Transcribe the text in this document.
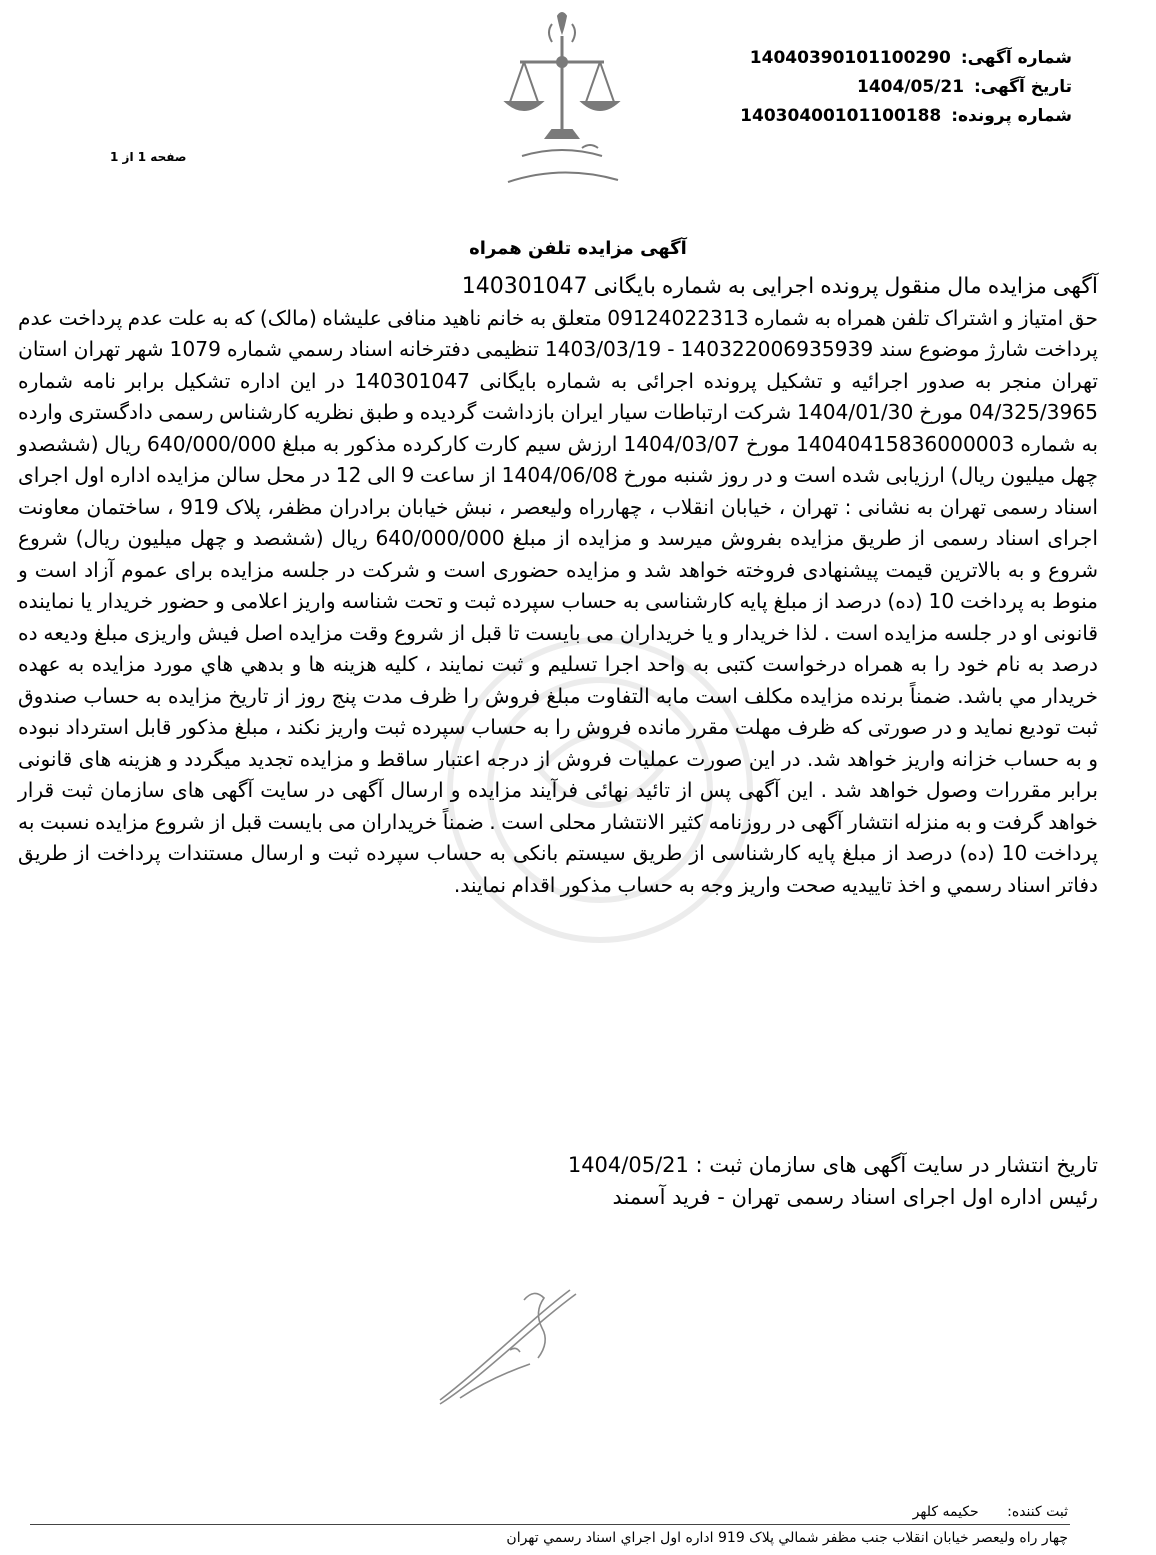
شماره آگهی: 14040390101100290
تاریخ آگهی: 1404/05/21
شماره پرونده: 14030400101100188
صفحه 1 از 1
آگهی مزایده تلفن همراه

آگهی مزایده مال منقول پرونده اجرایی به شماره بایگانی 140301047

حق امتیاز و اشتراک تلفن همراه به شماره 09124022313 متعلق به خانم ناهید منافی علیشاه (مالک) که به علت عدم پرداخت عدم پرداخت شارژ موضوع سند 140322006935939 - 1403/03/19 تنظیمی دفترخانه اسناد رسمي شماره 1079 شهر تهران استان تهران منجر به صدور اجرائیه و تشکیل پرونده اجرائی به شماره بایگانی 140301047 در این اداره تشکیل برابر نامه شماره 04/325/3965 مورخ 1404/01/30 شرکت ارتباطات سیار ایران بازداشت گردیده و طبق نظریه کارشناس رسمی دادگستری وارده به شماره 14040415836000003 مورخ 1404/03/07 ارزش سیم کارت کارکرده مذکور به مبلغ 640/000/000 ریال (ششصدو چهل میلیون ریال) ارزیابی شده است و در روز شنبه مورخ 1404/06/08 از ساعت 9 الی 12 در محل سالن مزایده اداره اول اجرای اسناد رسمی تهران به نشانی : تهران ، خیابان انقلاب ، چهارراه ولیعصر ، نبش خیابان برادران مظفر، پلاک 919 ، ساختمان معاونت اجرای اسناد رسمی از طریق مزایده بفروش میرسد و مزایده از مبلغ 640/000/000 ریال (ششصد و چهل میلیون ریال) شروع شروع و به بالاترین قیمت پیشنهادی فروخته خواهد شد و مزایده حضوری است و شرکت در جلسه مزایده برای عموم آزاد است و منوط به پرداخت 10 (ده) درصد از مبلغ پایه کارشناسی به حساب سپرده ثبت و تحت شناسه واریز اعلامی و حضور خریدار یا نماینده قانونی او در جلسه مزایده است . لذا خریدار و یا خریداران می بایست تا قبل از شروع وقت مزایده اصل فیش واریزی مبلغ ودیعه ده درصد به نام خود را به همراه درخواست کتبی به واحد اجرا تسلیم و ثبت نمایند ، کلیه هزینه ها و بدهي هاي مورد مزایده به عهده خریدار مي باشد. ضمناً برنده مزایده مکلف است مابه التفاوت مبلغ فروش را ظرف مدت پنج روز از تاریخ مزایده به حساب صندوق ثبت تودیع نماید و در صورتی که ظرف مهلت مقرر مانده فروش را به حساب سپرده ثبت واریز نکند ، مبلغ مذکور قابل استرداد نبوده و به حساب خزانه واریز خواهد شد. در این صورت عملیات فروش از درجه اعتبار ساقط و مزایده تجدید میگردد و هزینه های قانونی برابر مقررات وصول خواهد شد . این آگهی پس از تائید نهائی فرآیند مزایده و ارسال آگهی در سایت آگهی های سازمان ثبت قرار خواهد گرفت و به منزله انتشار آگهی در روزنامه کثیر الانتشار محلی است . ضمناً خریداران می بایست قبل از شروع مزایده نسبت به پرداخت 10 (ده) درصد از مبلغ پایه کارشناسی از طریق سیستم بانکی به حساب سپرده ثبت و ارسال مستندات پرداخت از طریق دفاتر اسناد رسمي و اخذ تاییدیه صحت واریز وجه به حساب مذکور اقدام نمایند.

تاریخ انتشار در سایت آگهی های سازمان ثبت : 1404/05/21
رئیس اداره اول اجرای اسناد رسمی تهران - فرید آسمند
ثبت کننده: حکیمه کلهر
چهار راه ولیعصر خیابان انقلاب جنب مظفر شمالي پلاک 919 اداره اول اجراي اسناد رسمي تهران
